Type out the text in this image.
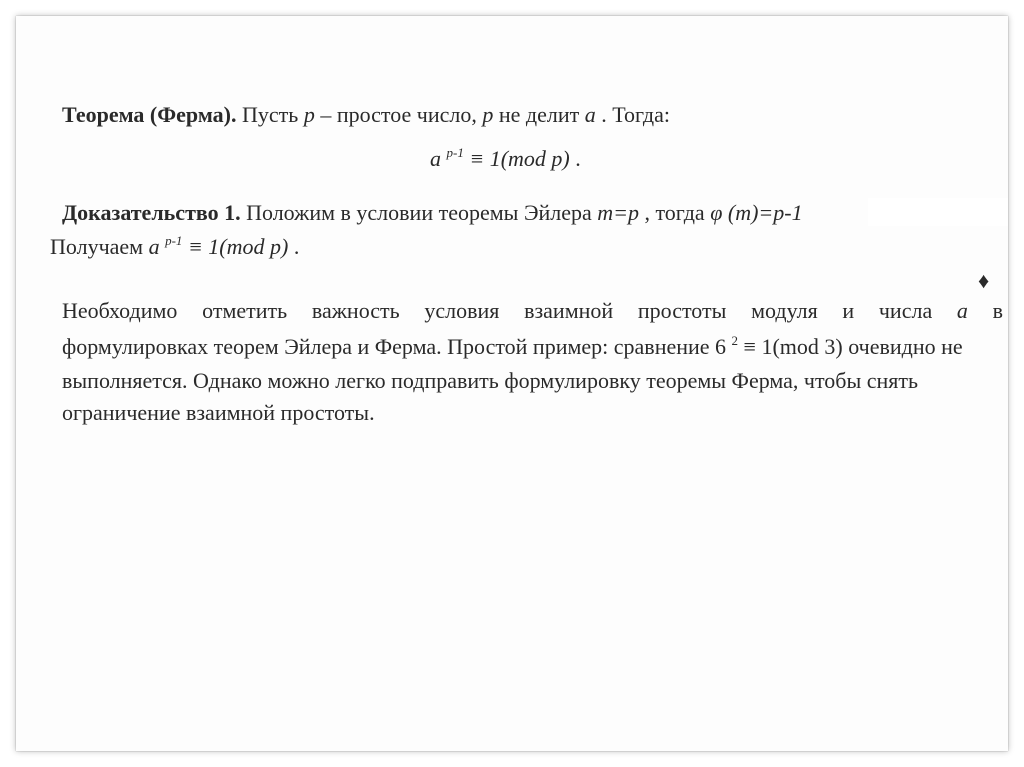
Теорема (Ферма). Пусть p – простое число, p не делит a . Тогда:
a $^{p-1}$ ≡ 1(mod p) .
Доказательство 1. Положим в условии теоремы Эйлера m=p , тогда φ (m)=p-1
Получаем a $^{p-1}$ ≡ 1(mod p) .
♦
Необходимо отметить важность условия взаимной простоты модуля и числа a в
формулировках теорем Эйлера и Ферма. Простой пример: сравнение 6 $^2$ ≡ 1(mod 3) очевидно не
выполняется. Однако можно легко подправить формулировку теоремы Ферма, чтобы снять
ограничение взаимной простоты.
